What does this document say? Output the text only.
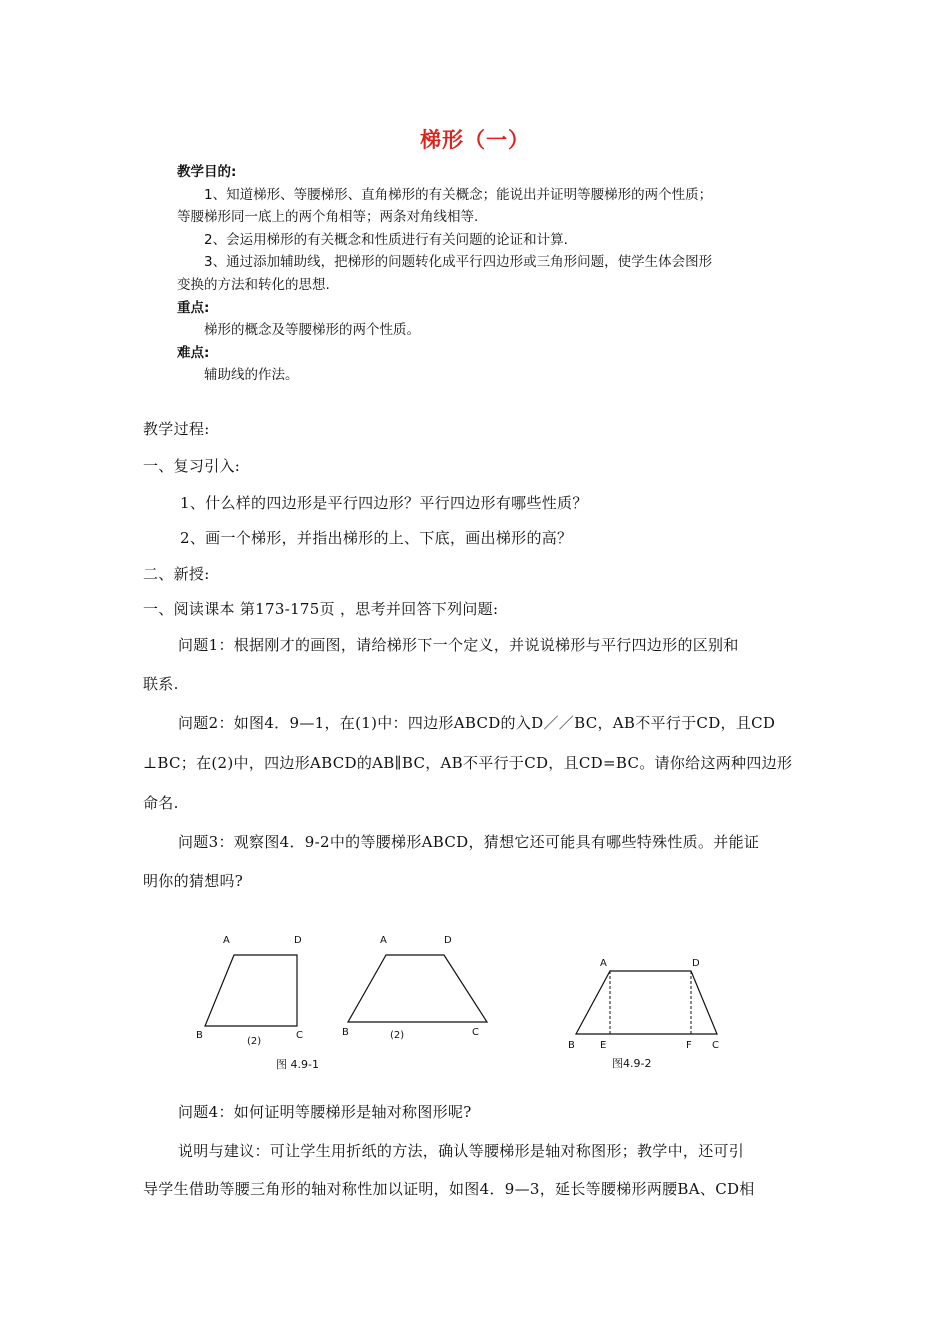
梯形（一）
教学目的:
1、知道梯形、等腰梯形、直角梯形的有关概念；能说出并证明等腰梯形的两个性质；
等腰梯形同一底上的两个角相等；两条对角线相等.
2、会运用梯形的有关概念和性质进行有关问题的论证和计算.
3、通过添加辅助线，把梯形的问题转化成平行四边形或三角形问题，使学生体会图形
变换的方法和转化的思想.
重点:
梯形的概念及等腰梯形的两个性质。
难点:
辅助线的作法。
教学过程:
一、复习引入:
1、什么样的四边形是平行四边形？平行四边形有哪些性质？
2、画一个梯形，并指出梯形的上、下底，画出梯形的高？
二、新授:
一、阅读课本 第173-175页 ，思考并回答下列问题:
问题1：根据刚才的画图，请给梯形下一个定义，并说说梯形与平行四边形的区别和
联系.
问题2：如图4．9—1，在(1)中：四边形ABCD的入D／／BC，AB不平行于CD，且CD
⊥BC；在(2)中，四边形ABCD的AB∥BC，AB不平行于CD，且CD=BC。请你给这两种四边形
命名.
问题3：观察图4．9-2中的等腰梯形ABCD，猜想它还可能具有哪些特殊性质。并能证
明你的猜想吗?
A	D
B	C
(2)
A	D
B	C
(2)
图 4.9-1
A	D
B	E	F C
图4.9-2
问题4：如何证明等腰梯形是轴对称图形呢?
说明与建议：可让学生用折纸的方法，确认等腰梯形是轴对称图形；教学中，还可引
导学生借助等腰三角形的轴对称性加以证明，如图4．9—3，延长等腰梯形两腰BA、CD相
